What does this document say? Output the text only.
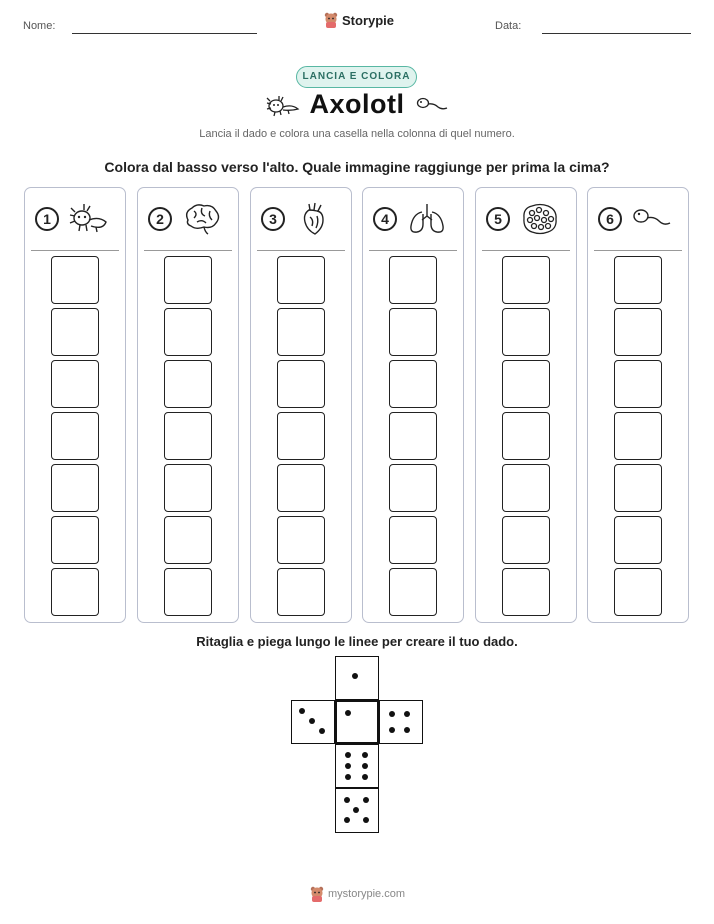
Nome:	Storypie	Data:
LANCIA E COLORA
Axolotl
Lancia il dado e colora una casella nella colonna di quel numero.
Colora dal basso verso l'alto. Quale immagine raggiunge per prima la cima?
1	2	3	4	5	6
Ritaglia e piega lungo le linee per creare il tuo dado.
mystorypie.com
